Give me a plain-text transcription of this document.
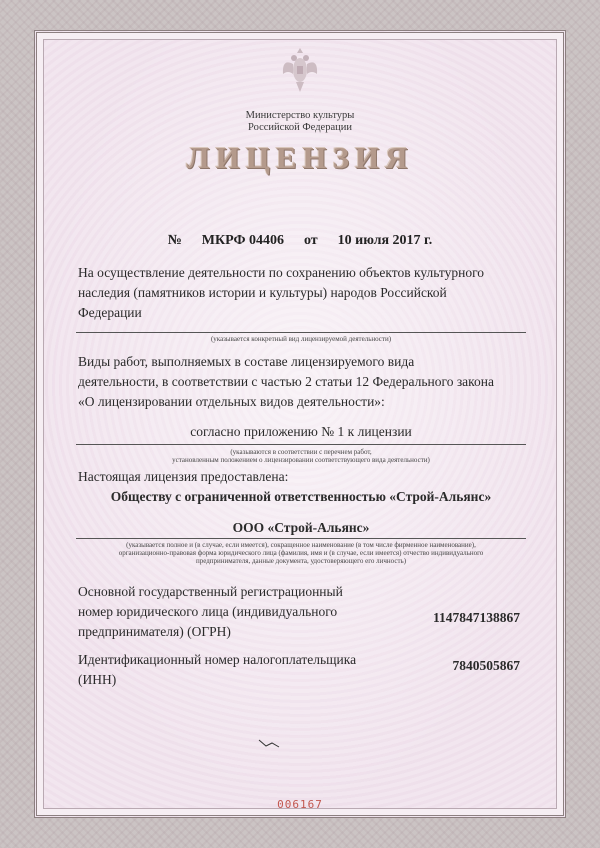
Министерство культуры
Российской Федерации
ЛИЦЕНЗИЯ
№ МКРФ 04406 от 10 июля 2017 г.
На осуществление деятельности по сохранению объектов культурного
наследия (памятников истории и культуры) народов Российской
Федерации
(указывается конкретный вид лицензируемой деятельности)
Виды работ, выполняемых в составе лицензируемого вида
деятельности, в соответствии с частью 2 статьи 12 Федерального закона
«О лицензировании отдельных видов деятельности»:
согласно приложению № 1 к лицензии
(указываются в соответствии с перечнем работ,
установленным положением о лицензировании соответствующего вида деятельности)
Настоящая лицензия предоставлена:
Обществу с ограниченной ответственностью «Строй-Альянс»
ООО «Строй-Альянс»
(указывается полное и (в случае, если имеется), сокращенное наименование (в том числе фирменное наименование),
организационно-правовая форма юридического лица (фамилия, имя и (в случае, если имеется) отчество индивидуального
предпринимателя, данные документа, удостоверяющего его личность)
Основной государственный регистрационный
номер юридического лица (индивидуального
предпринимателя) (ОГРН)
1147847138867
Идентификационный номер налогоплательщика
(ИНН)
7840505867
006167
